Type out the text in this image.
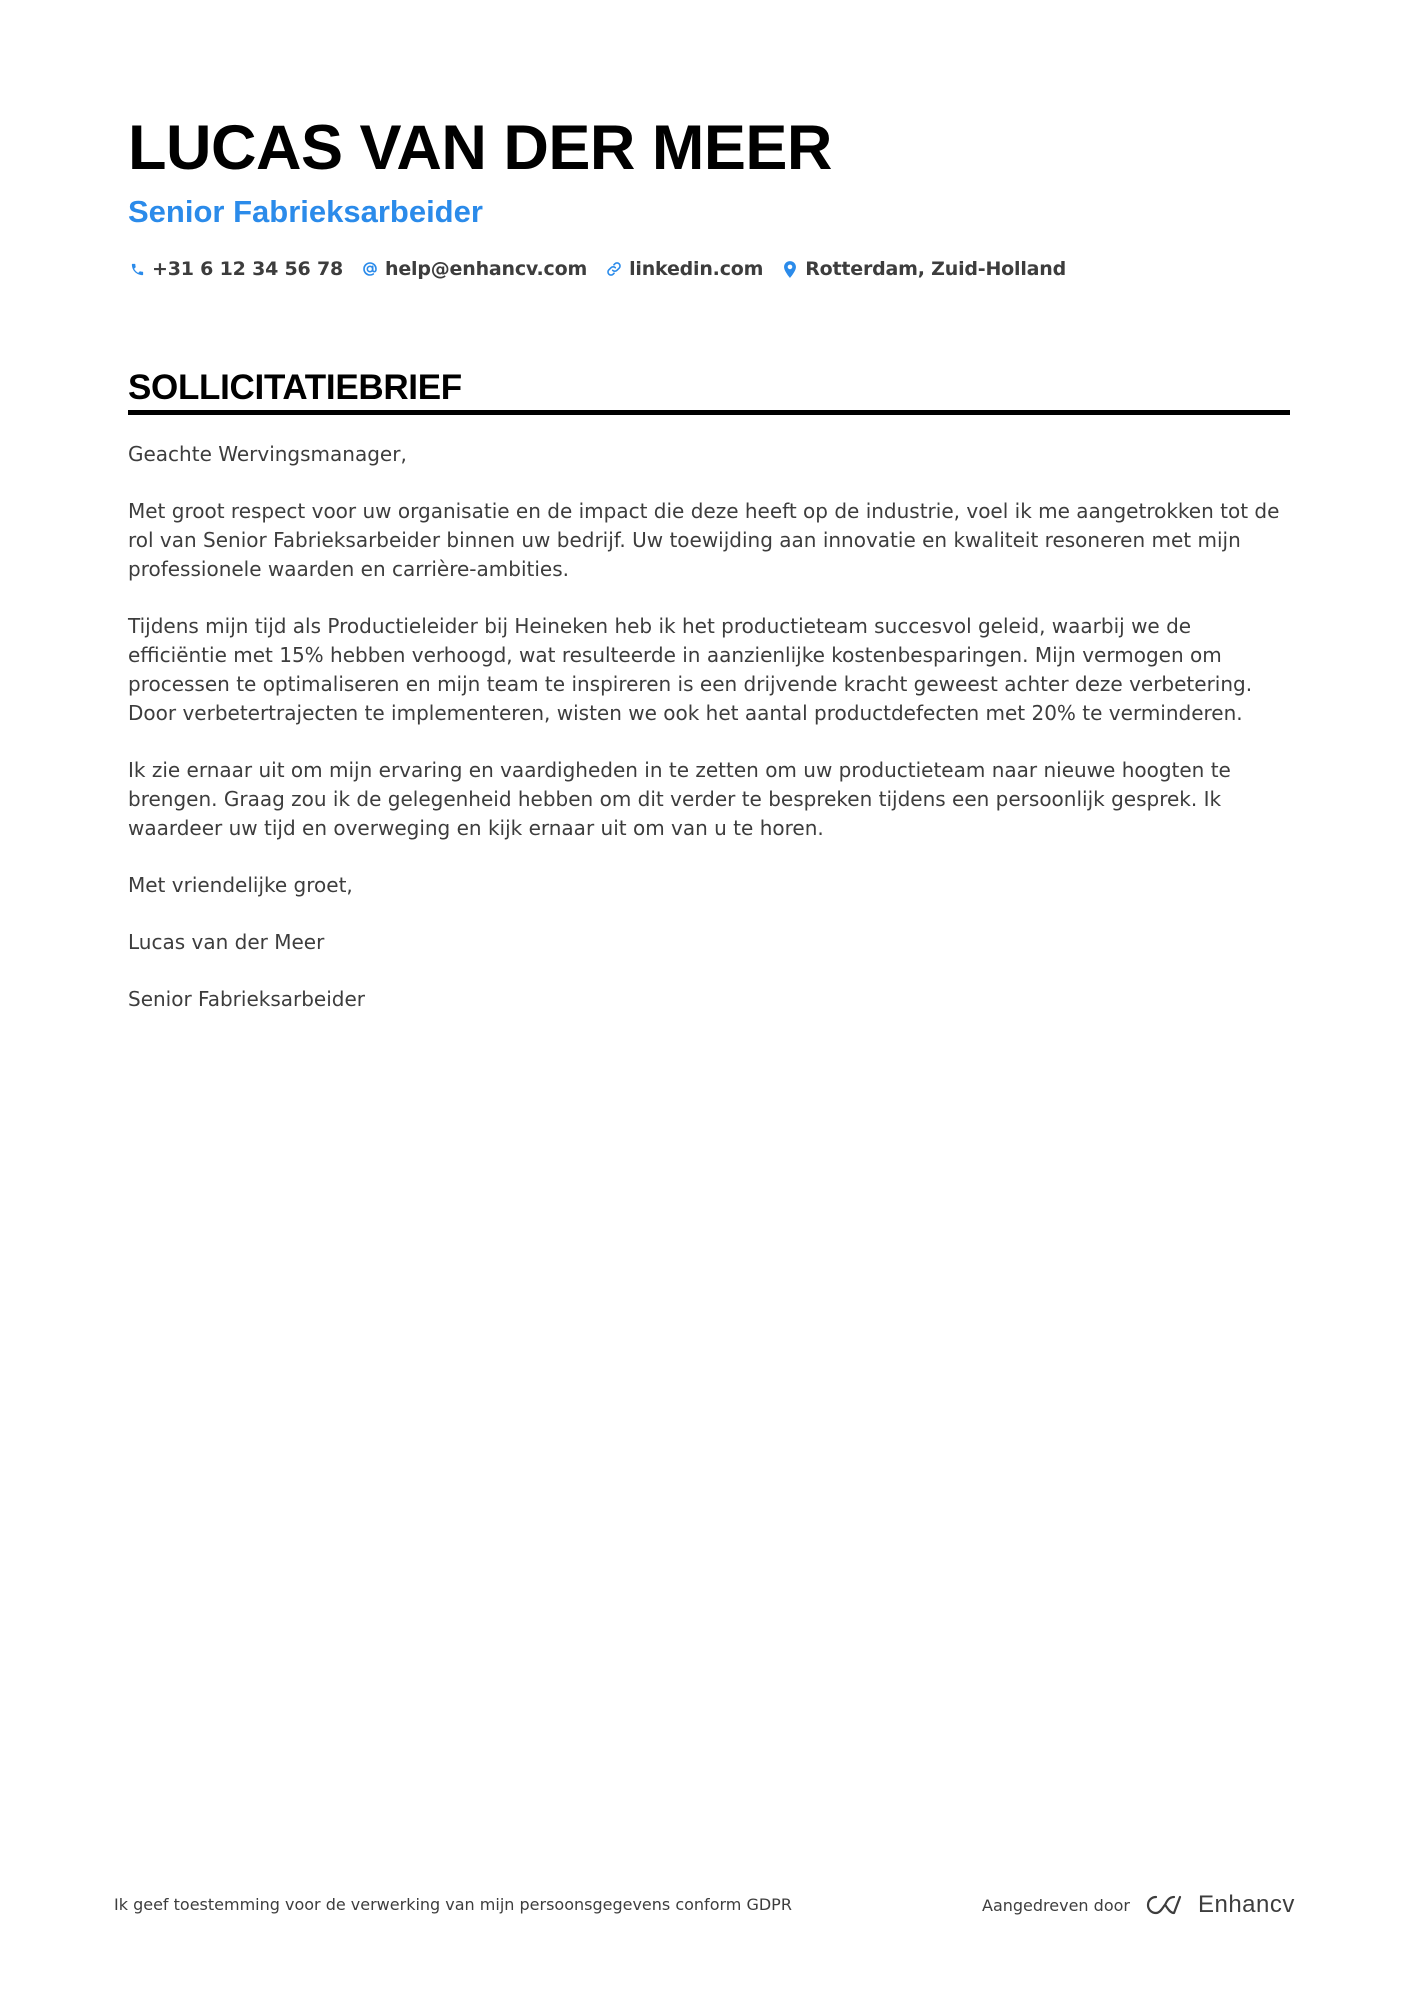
LUCAS VAN DER MEER
Senior Fabrieksarbeider
+31 6 12 34 56 78 help@enhancv.com linkedin.com Rotterdam, Zuid-Holland
SOLLICITATIEBRIEF

Geachte Wervingsmanager,

Met groot respect voor uw organisatie en de impact die deze heeft op de industrie, voel ik me aangetrokken tot de rol van Senior Fabrieksarbeider binnen uw bedrijf. Uw toewijding aan innovatie en kwaliteit resoneren met mijn professionele waarden en carrière-ambities.

Tijdens mijn tijd als Productieleider bij Heineken heb ik het productieteam succesvol geleid, waarbij we de efficiëntie met 15% hebben verhoogd, wat resulteerde in aanzienlijke kostenbesparingen. Mijn vermogen om processen te optimaliseren en mijn team te inspireren is een drijvende kracht geweest achter deze verbetering. Door verbetertrajecten te implementeren, wisten we ook het aantal productdefecten met 20% te verminderen.

Ik zie ernaar uit om mijn ervaring en vaardigheden in te zetten om uw productieteam naar nieuwe hoogten te brengen. Graag zou ik de gelegenheid hebben om dit verder te bespreken tijdens een persoonlijk gesprek. Ik waardeer uw tijd en overweging en kijk ernaar uit om van u te horen.

Met vriendelijke groet,

Lucas van der Meer

Senior Fabrieksarbeider

Ik geef toestemming voor de verwerking van mijn persoonsgegevens conform GDPR	Aangedreven door	Enhancv
